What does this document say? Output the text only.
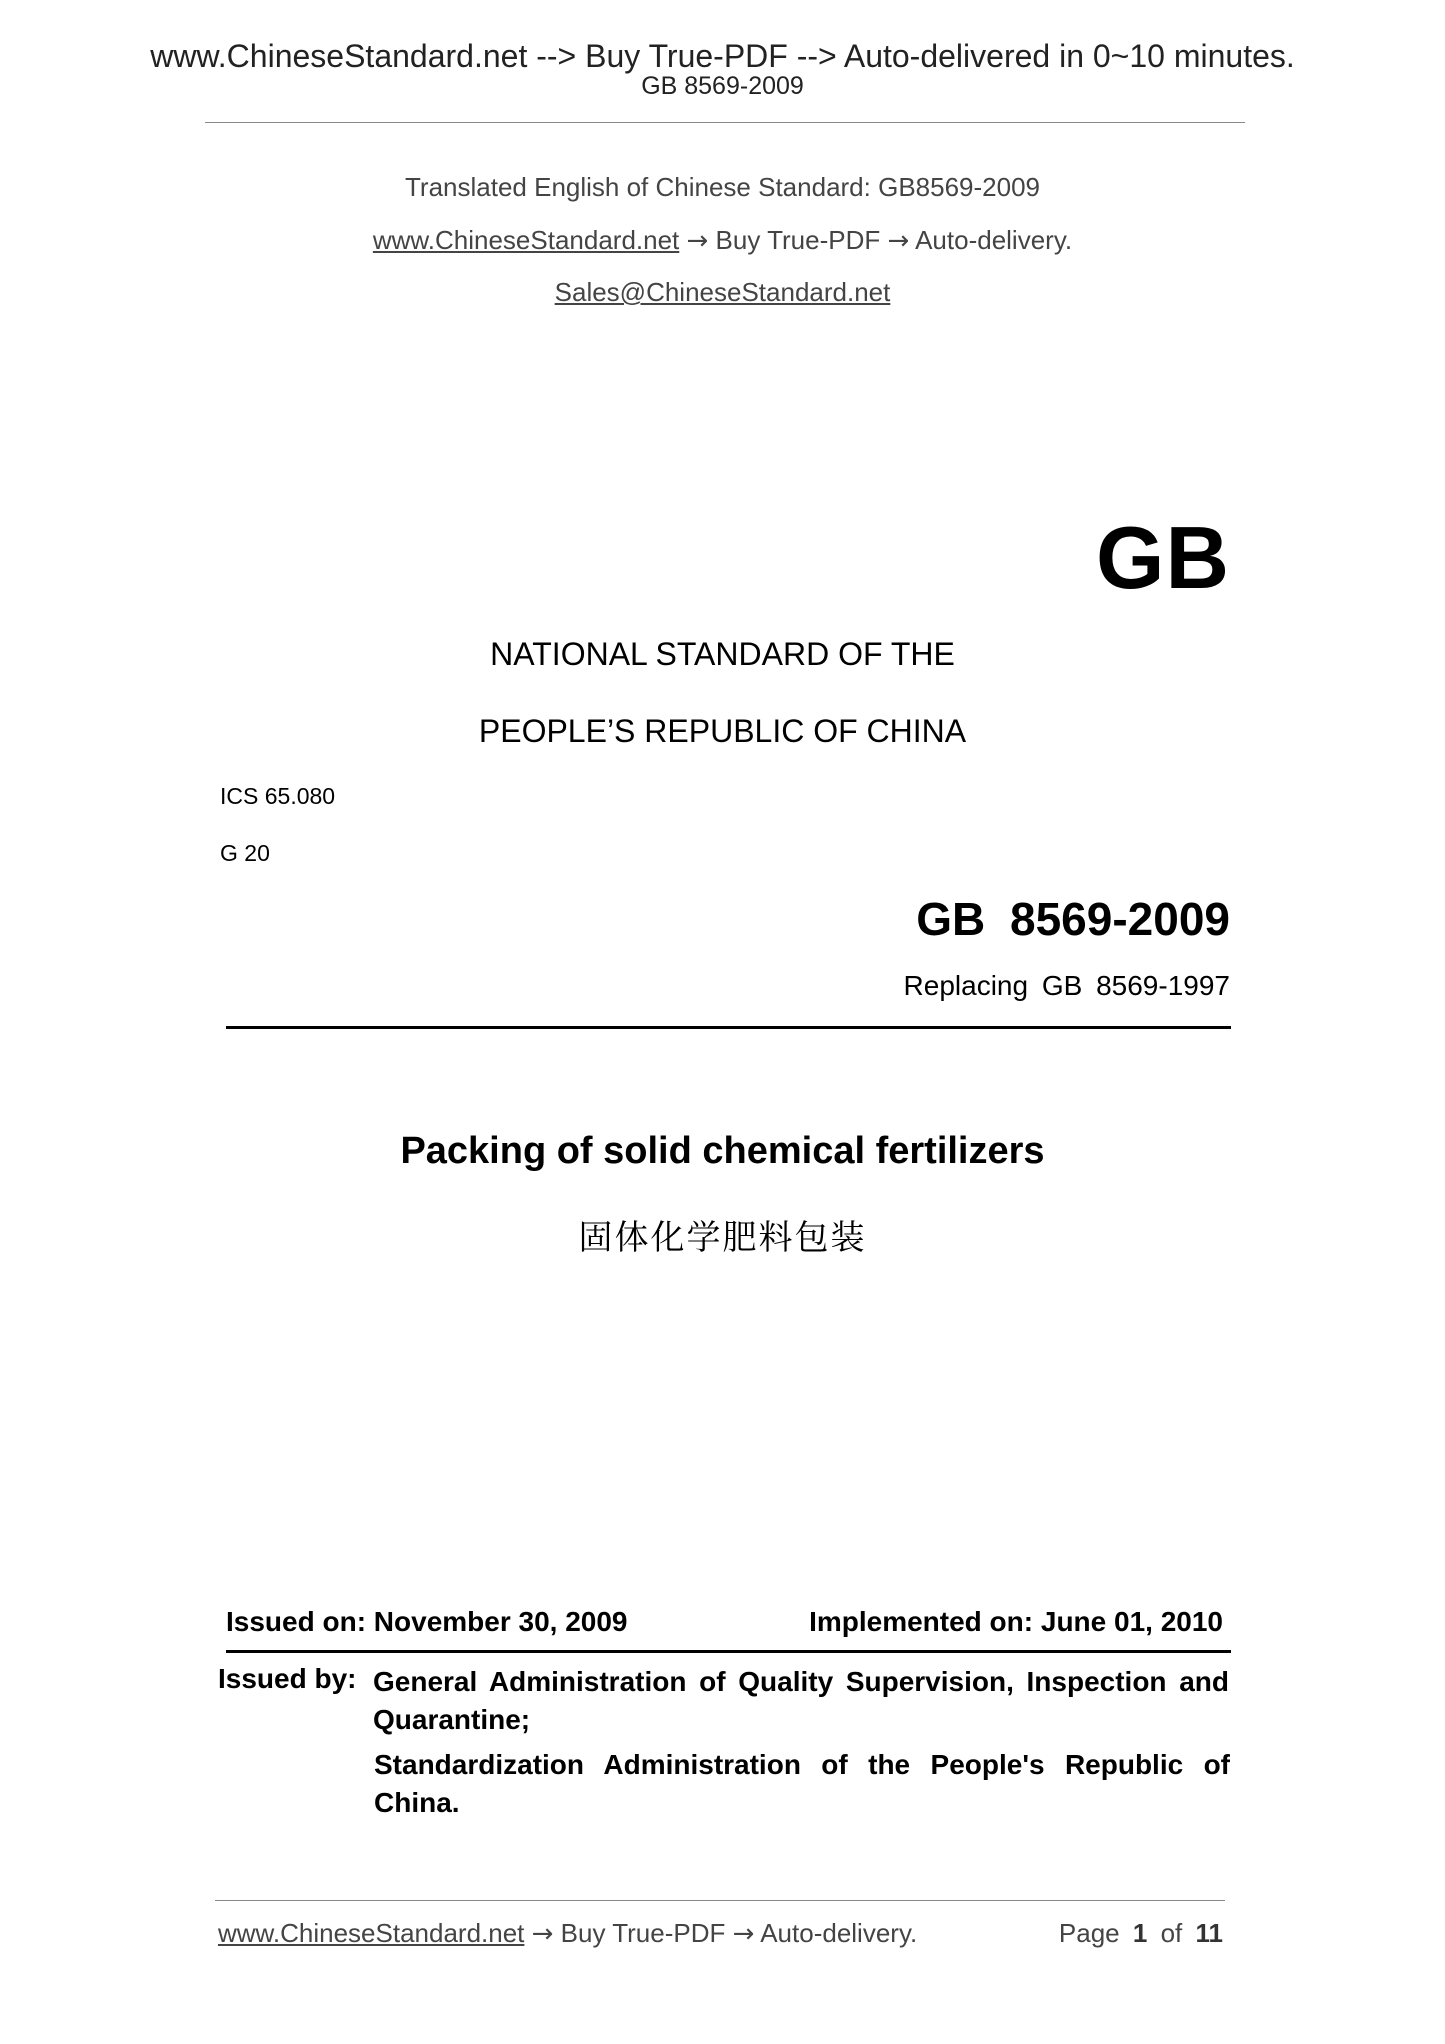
www.ChineseStandard.net --> Buy True-PDF --> Auto-delivered in 0~10 minutes.
GB 8569-2009
Translated English of Chinese Standard: GB8569-2009
www.ChineseStandard.net → Buy True-PDF → Auto-delivery.
Sales@ChineseStandard.net
GB
NATIONAL STANDARD OF THE
PEOPLE’S REPUBLIC OF CHINA
ICS 65.080
G 20
GB 8569-2009
Replacing GB 8569-1997
Packing of solid chemical fertilizers
固体化学肥料包装
Issued on: November 30, 2009	Implemented on: June 01, 2010
Issued by: General Administration of Quality Supervision, Inspection and Quarantine;
Standardization Administration of the People's Republic of China.
www.ChineseStandard.net → Buy True-PDF → Auto-delivery.	Page 1 of 11
